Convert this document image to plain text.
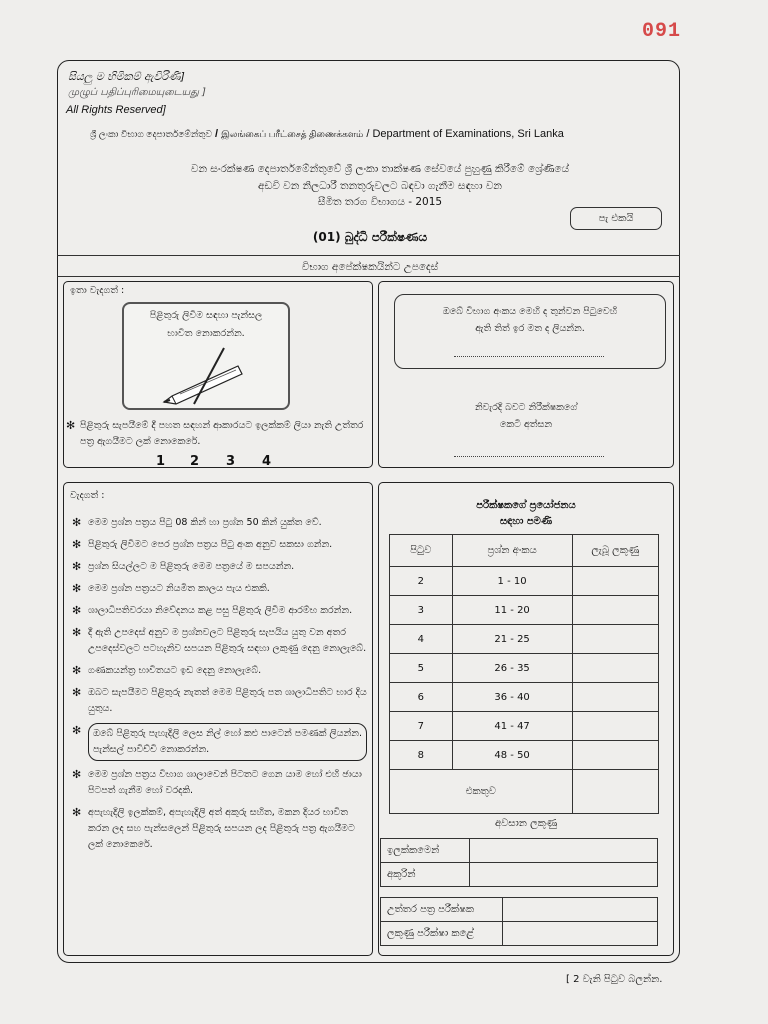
091
සියලු ම හිමිකම් ඇවිරිණි]
முழுப் பதிப்புரிமையுடையது ]
All Rights Reserved]
ශ්‍රී ලංකා විභාග දෙපාර්තමේන්තුව / இலங்கைப் பரீட்சைத் திணைக்களம் / Department of Examinations, Sri Lanka
වන සංරක්ෂණ දෙපාර්තමේන්තුවේ ශ්‍රී ලංකා තාක්ෂණ සේවයේ පුහුණු කිරීමේ ශ්‍රේණියේ
අඩවි වන නිලධාරී තනතුරුවලට බඳවා ගැනීම සඳහා වන
සීමිත තරග විභාගය - 2015
පැ එකයි
(01) බුද්ධි පරීක්ෂණය
විභාග අපේක්ෂකයින්ට උපදෙස්
ඉතා වැදගත් :
පිළිතුරු ලිවීම සඳහා පැන්සල
භාවිත නොකරන්න.
✻ පිළිතුරු සැපයීමේ දී පහත සඳහන් ආකාරයට ඉලක්කම් ලියා නැති උත්තර පත්‍ර ඇගයීමට ලක් නොකෙරේ.
1 2 3 4
ඔබේ විභාග අංකය මෙහි ද තුන්වන පිටුවෙහි
ඇති තිත් ඉර මත ද ලියන්න.
නිවැරදි බවට නිරීක්ෂකගේ
කෙටි අත්සන
වැදගත් :
✻ මෙම ප්‍රශ්න පත්‍රය පිටු 08 කින් හා ප්‍රශ්න 50 කින් යුක්ත වේ.
✻ පිළිතුරු ලිවීමට පෙර ප්‍රශ්න පත්‍රය පිටු අංක අනුව සකසා ගන්න.
✻ ප්‍රශ්න සියල්ලට ම පිළිතුරු මෙම පත්‍රයේ ම සපයන්න.
✻ මෙම ප්‍රශ්න පත්‍රයට නියමිත කාලය පැය එකකි.
✻ ශාලාධිපතිවරයා නිවේදනය කළ පසු පිළිතුරු ලිවීම ආරම්භ කරන්න.
✻ දී ඇති උපදෙස් අනුව ම ප්‍රශ්නවලට පිළිතුරු සැපයිය යුතු වන අතර උපදෙස්වලට පටහැනිව සපයන පිළිතුරු සඳහා ලකුණු දෙනු නොලැබේ.
✻ ගණකයන්ත්‍ර භාවිතයට ඉඩ දෙනු නොලැබේ.
✻ ඔබට සැපයීමට පිළිතුරු නැතත් මෙම පිළිතුරු පත ශාලාධිපතිට භාර දිය යුතුය.
✻	ඔබේ පිළිතුරු පැහැදිලි ලෙස නිල් හෝ කළු පාටෙන් පමණක් ලියන්න. පැන්සල් පාවිච්චි නොකරන්න.
✻ මෙම ප්‍රශ්න පත්‍රය විභාග ශාලාවෙන් පිටතට ගෙන යාම හෝ එහි ඡායා පිටපත් ගැනීම හෝ වරදකි.
✻ අපැහැදිලි ඉලක්කම්, අපැහැදිලි අත් අකුරු සහිත, මකන දියර භාවිත කරන ලද සහ පැන්සලෙන් පිළිතුරු සපයන ලද පිළිතුරු පත්‍ර ඇගයීමට ලක් නොකෙරේ.
පරීක්ෂකගේ ප්‍රයෝජනය
සඳහා පමණි
පිටුව	ප්‍රශ්න අංකය	ලැබූ ලකුණු
2	1 - 10	
3	11 - 20	
4	21 - 25	
5	26 - 35	
6	36 - 40	
7	41 - 47	
8	48 - 50	
එකතුව		
අවසාන ලකුණු
ඉලක්කමෙන්	
අකුරින්	
උත්තර පත්‍ර පරීක්ෂක	
ලකුණු පරීක්ෂා කළේ	
[ 2 වැනි පිටුව බලන්න.
